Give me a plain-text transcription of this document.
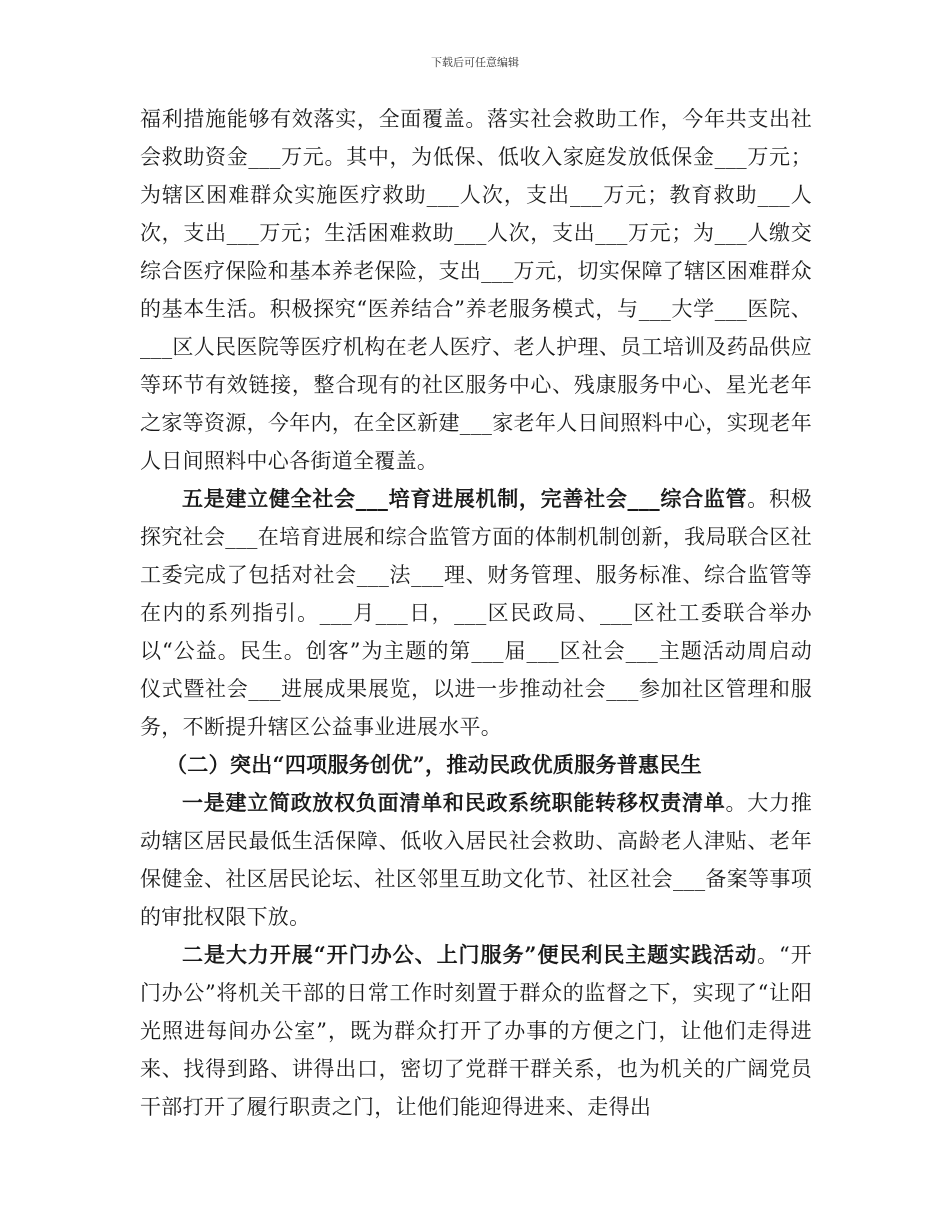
下载后可任意编辑

福利措施能够有效落实，全面覆盖。落实社会救助工作，今年共支出社会救助资金___万元。其中，为低保、低收入家庭发放低保金___万元；为辖区困难群众实施医疗救助___人次，支出___万元；教育救助___人次，支出___万元；生活困难救助___人次，支出___万元；为___人缴交综合医疗保险和基本养老保险，支出___万元，切实保障了辖区困难群众的基本生活。积极探究“医养结合”养老服务模式，与___大学___医院、___区人民医院等医疗机构在老人医疗、老人护理、员工培训及药品供应等环节有效链接，整合现有的社区服务中心、残康服务中心、星光老年之家等资源，今年内，在全区新建___家老年人日间照料中心，实现老年人日间照料中心各街道全覆盖。

五是建立健全社会___培育进展机制，完善社会___综合监管。积极探究社会___在培育进展和综合监管方面的体制机制创新，我局联合区社工委完成了包括对社会___法___理、财务管理、服务标准、综合监管等在内的系列指引。___月___日，___区民政局、___区社工委联合举办以“公益。民生。创客”为主题的第___届___区社会___主题活动周启动仪式暨社会___进展成果展览，以进一步推动社会___参加社区管理和服务，不断提升辖区公益事业进展水平。

（二）突出“四项服务创优”，推动民政优质服务普惠民生

一是建立简政放权负面清单和民政系统职能转移权责清单。大力推动辖区居民最低生活保障、低收入居民社会救助、高龄老人津贴、老年保健金、社区居民论坛、社区邻里互助文化节、社区社会___备案等事项的审批权限下放。

二是大力开展“开门办公、上门服务”便民利民主题实践活动。“开门办公”将机关干部的日常工作时刻置于群众的监督之下，实现了“让阳光照进每间办公室”，既为群众打开了办事的方便之门，让他们走得进来、找得到路、讲得出口，密切了党群干群关系，也为机关的广阔党员干部打开了履行职责之门，让他们能迎得进来、走得出
